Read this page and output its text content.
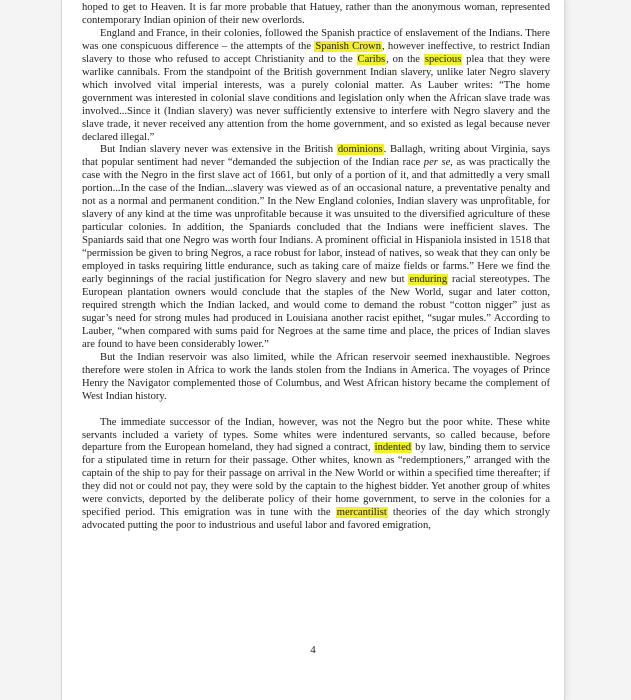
hoped to get to Heaven. It is far more probable that Hatuey, rather than the anonymous woman, represented contemporary Indian opinion of their new overlords.

England and France, in their colonies, followed the Spanish practice of enslavement of the Indians. There was one conspicuous difference – the attempts of the Spanish Crown, however ineffective, to restrict Indian slavery to those who refused to accept Christianity and to the Caribs, on the specious plea that they were warlike cannibals. From the standpoint of the British government Indian slavery, unlike later Negro slavery which involved vital imperial interests, was a purely colonial matter. As Lauber writes: “The home government was interested in colonial slave conditions and legislation only when the African slave trade was involved...Since it (Indian slavery) was never sufficiently extensive to interfere with Negro slavery and the slave trade, it never received any attention from the home government, and so existed as legal because never declared illegal.”

But Indian slavery never was extensive in the British dominions. Ballagh, writing about Virginia, says that popular sentiment had never “demanded the subjection of the Indian race per se, as was practically the case with the Negro in the first slave act of 1661, but only of a portion of it, and that admittedly a very small portion...In the case of the Indian...slavery was viewed as of an occasional nature, a preventative penalty and not as a normal and permanent condition.” In the New England colonies, Indian slavery was unprofitable, for slavery of any kind at the time was unprofitable because it was unsuited to the diversified agriculture of these particular colonies. In addition, the Spaniards concluded that the Indians were inefficient slaves. The Spaniards said that one Negro was worth four Indians. A prominent official in Hispaniola insisted in 1518 that “permission be given to bring Negros, a race robust for labor, instead of natives, so weak that they can only be employed in tasks requiring little endurance, such as taking care of maize fields or farms.” Here we find the early beginnings of the racial justification for Negro slavery and new but enduring racial stereotypes. The European plantation owners would conclude that the staples of the New World, sugar and later cotton, required strength which the Indian lacked, and would come to demand the robust “cotton nigger” just as sugar’s need for strong mules had produced in Louisiana another racist epithet, “sugar mules.” According to Lauber, “when compared with sums paid for Negroes at the same time and place, the prices of Indian slaves are found to have been considerably lower.”

But the Indian reservoir was also limited, while the African reservoir seemed inexhaustible. Negroes therefore were stolen in Africa to work the lands stolen from the Indians in America. The voyages of Prince Henry the Navigator complemented those of Columbus, and West African history became the complement of West Indian history.

The immediate successor of the Indian, however, was not the Negro but the poor white. These white servants included a variety of types. Some whites were indentured servants, so called because, before departure from the European homeland, they had signed a contract, indented by law, binding them to service for a stipulated time in return for their passage. Other whites, known as “redemptioners,” arranged with the captain of the ship to pay for their passage on arrival in the New World or within a specified time thereafter; if they did not or could not pay, they were sold by the captain to the highest bidder. Yet another group of whites were convicts, deported by the deliberate policy of their home government, to serve in the colonies for a specified period. This emigration was in tune with the mercantilist theories of the day which strongly advocated putting the poor to industrious and useful labor and favored emigration,

4
